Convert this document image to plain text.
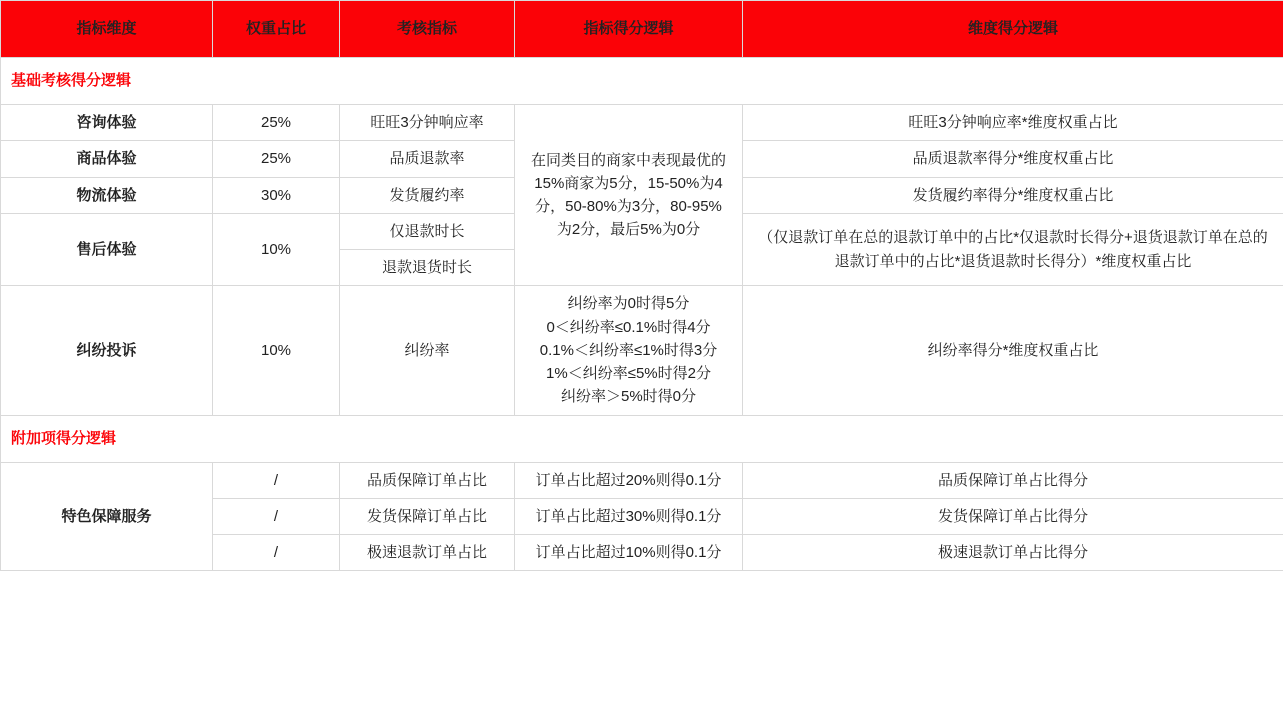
指标维度	权重占比	考核指标	指标得分逻辑	维度得分逻辑
基础考核得分逻辑				
咨询体验	25%	旺旺3分钟响应率	在同类目的商家中表现最优的
15%商家为5分，15-50%为4
分，50-80%为3分，80-95%
为2分，最后5%为0分	旺旺3分钟响应率*维度权重占比
商品体验	25%	品质退款率		品质退款率得分*维度权重占比
物流体验	30%	发货履约率		发货履约率得分*维度权重占比
售后体验	10%	仅退款时长		（仅退款订单在总的退款订单中的占比*仅退款时长得分+退货退款订单在总的退款订单中的占比*退货退款时长得分）*维度权重占比
		退款退货时长		
纠纷投诉	10%	纠纷率	纠纷率为0时得5分
0＜纠纷率≤0.1%时得4分
0.1%＜纠纷率≤1%时得3分
1%＜纠纷率≤5%时得2分
纠纷率＞5%时得0分	纠纷率得分*维度权重占比
附加项得分逻辑				
特色保障服务	/	品质保障订单占比	订单占比超过20%则得0.1分	品质保障订单占比得分
	/	发货保障订单占比	订单占比超过30%则得0.1分	发货保障订单占比得分
	/	极速退款订单占比	订单占比超过10%则得0.1分	极速退款订单占比得分
